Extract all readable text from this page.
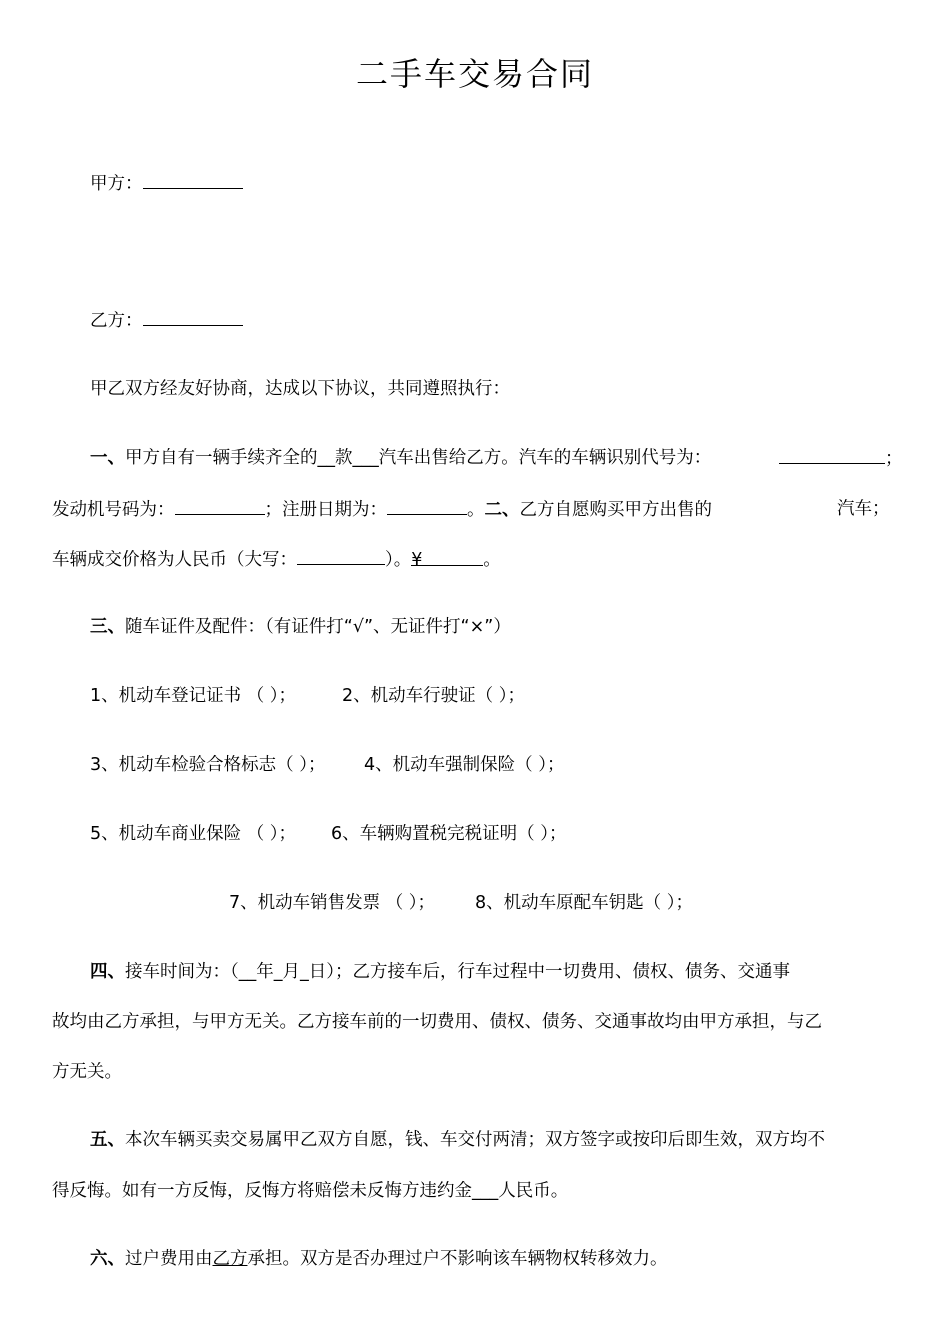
二手车交易合同
甲方：
乙方：
甲乙双方经友好协商，达成以下协议，共同遵照执行：
一、甲方自有一辆手续齐全的__款___汽车出售给乙方。汽车的车辆识别代号为：	；
发动机号码为：	；注册日期为：	。二、乙方自愿购买甲方出售的	汽车；
车辆成交价格为人民币（大写：	）。¥	。
三、随车证件及配件：（有证件打“√”、无证件打“×”）
1、机动车登记证书 （ ）；	2、机动车行驶证（ ）；
3、机动车检验合格标志（ ）； 4、机动车强制保险（ ）；
5、机动车商业保险 （ ）； 6、车辆购置税完税证明（ ）；
7、机动车销售发票 （ ）； 8、机动车原配车钥匙（ ）；
四、接车时间为：（__年_月_日）；乙方接车后，行车过程中一切费用、债权、债务、交通事
故均由乙方承担，与甲方无关。乙方接车前的一切费用、债权、债务、交通事故均由甲方承担，与乙
方无关。
五、本次车辆买卖交易属甲乙双方自愿，钱、车交付两清；双方签字或按印后即生效，双方均不
得反悔。如有一方反悔，反悔方将赔偿未反悔方违约金___人民币。
六、过户费用由乙方承担。双方是否办理过户不影响该车辆物权转移效力。
